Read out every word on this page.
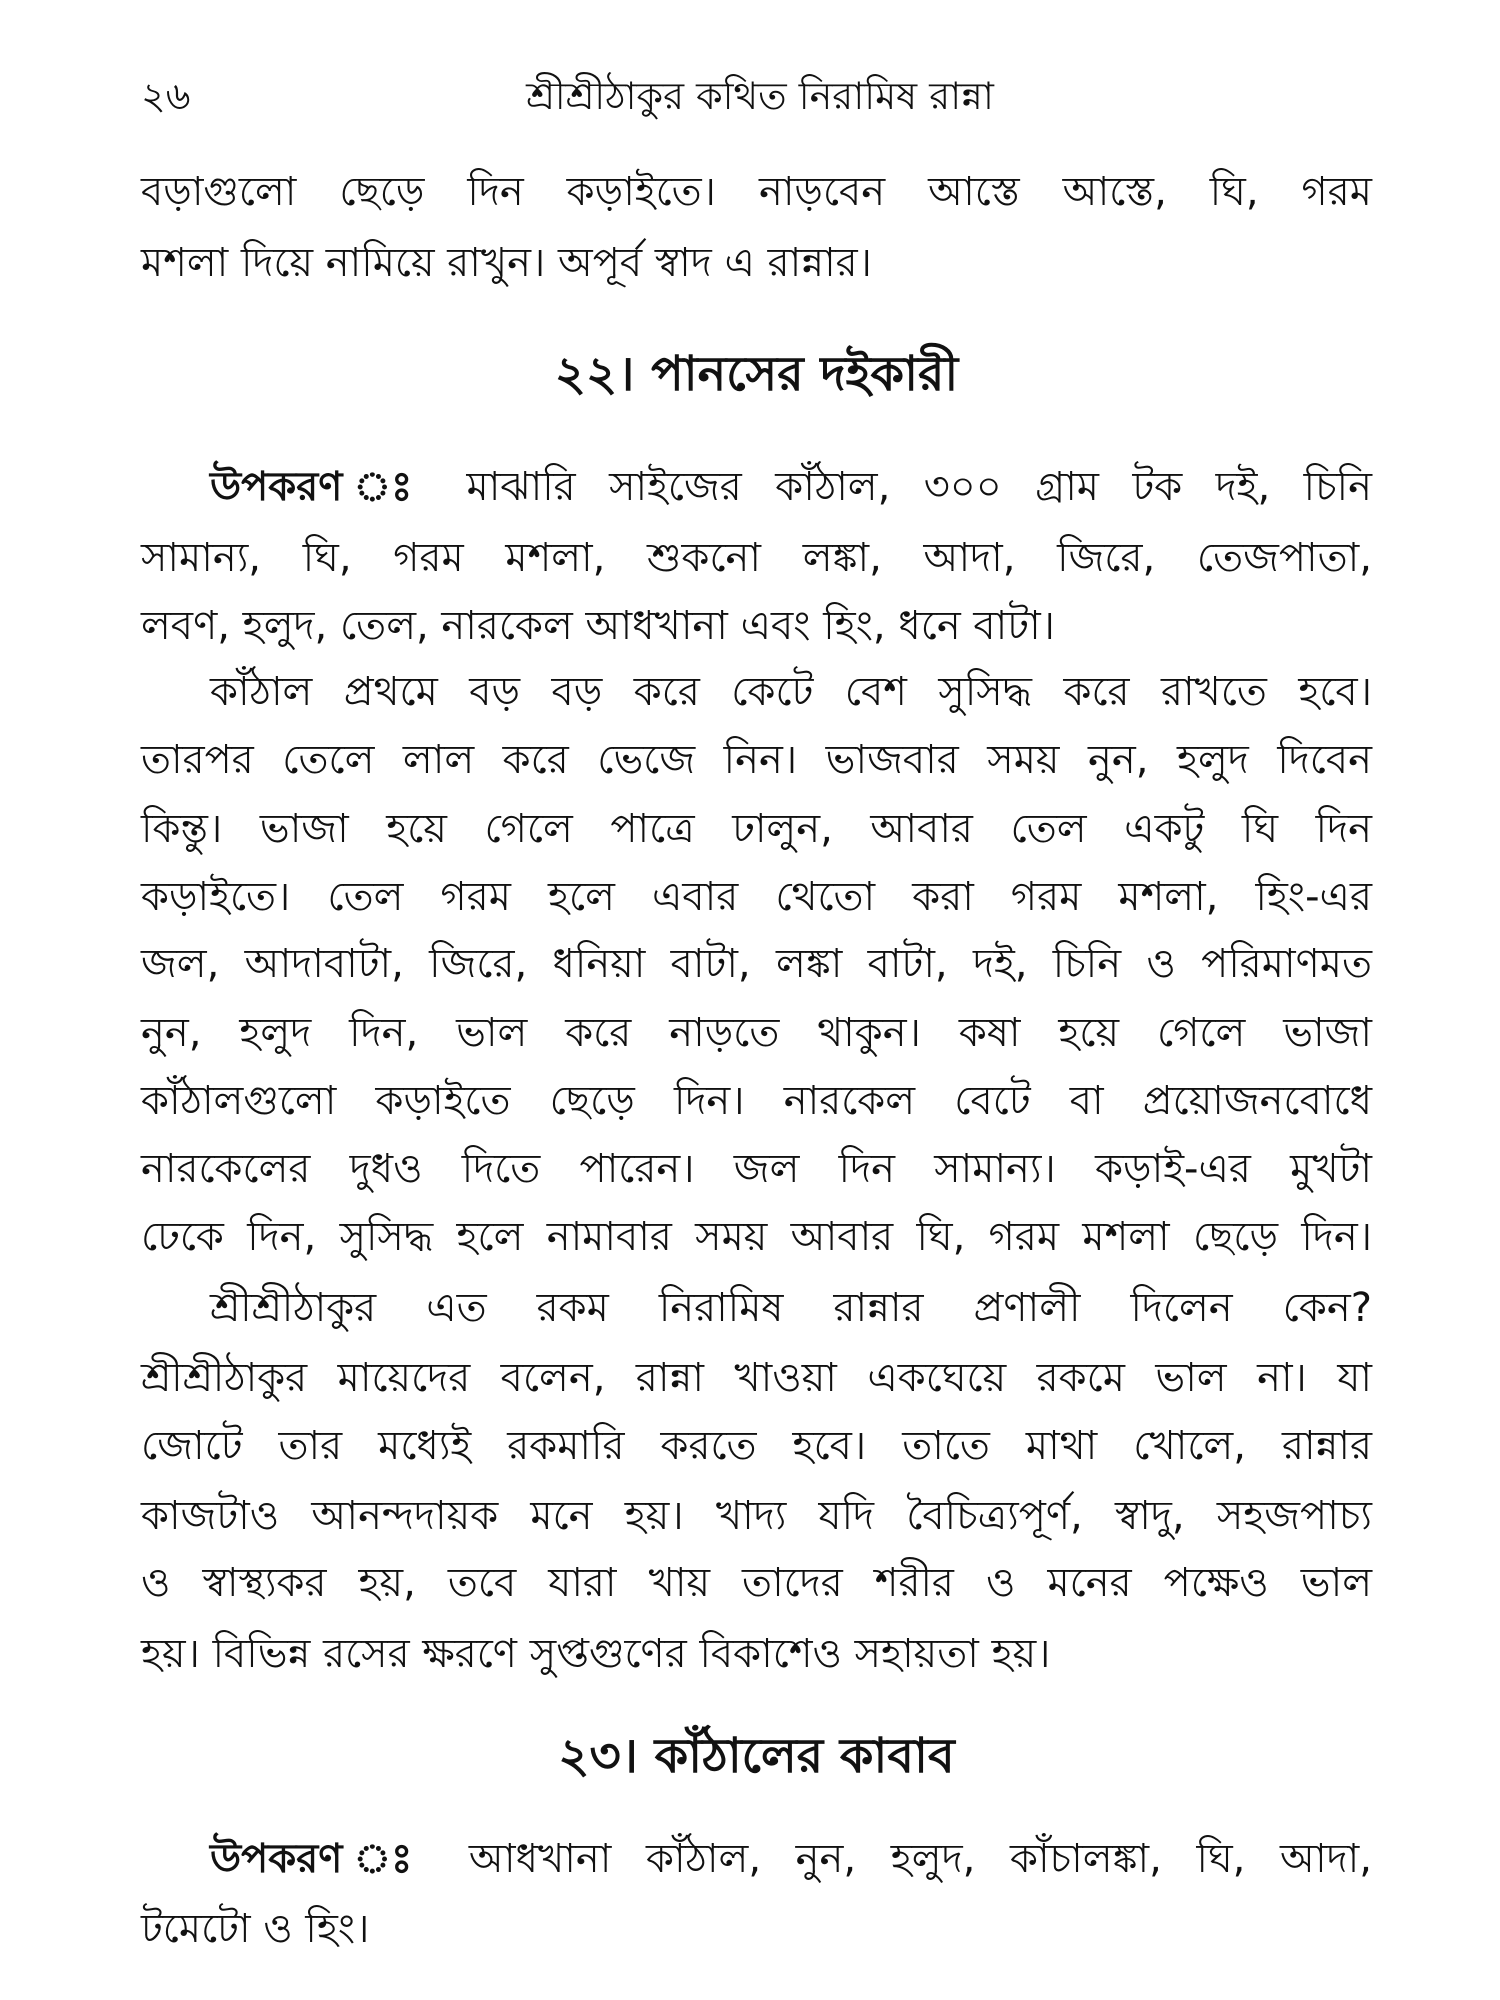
২৬	শ্রীশ্রীঠাকুর কথিত নিরামিষ রান্না
বড়াগুলো ছেড়ে দিন কড়াইতে। নাড়বেন আস্তে আস্তে, ঘি, গরম
মশলা দিয়ে নামিয়ে রাখুন। অপূর্ব স্বাদ এ রান্নার।
২২। পানসের দইকারী
উপকরণ ঃ মাঝারি সাইজের কাঁঠাল, ৩০০ গ্রাম টক দই, চিনি
সামান্য, ঘি, গরম মশলা, শুকনো লঙ্কা, আদা, জিরে, তেজপাতা,
লবণ, হলুদ, তেল, নারকেল আধখানা এবং হিং, ধনে বাটা।
কাঁঠাল প্রথমে বড় বড় করে কেটে বেশ সুসিদ্ধ করে রাখতে হবে।
তারপর তেলে লাল করে ভেজে নিন। ভাজবার সময় নুন, হলুদ দিবেন
কিন্তু। ভাজা হয়ে গেলে পাত্রে ঢালুন, আবার তেল একটু ঘি দিন
কড়াইতে। তেল গরম হলে এবার থেতো করা গরম মশলা, হিং-এর
জল, আদাবাটা, জিরে, ধনিয়া বাটা, লঙ্কা বাটা, দই, চিনি ও পরিমাণমত
নুন, হলুদ দিন, ভাল করে নাড়তে থাকুন। কষা হয়ে গেলে ভাজা
কাঁঠালগুলো কড়াইতে ছেড়ে দিন। নারকেল বেটে বা প্রয়োজনবোধে
নারকেলের দুধও দিতে পারেন। জল দিন সামান্য। কড়াই-এর মুখটা
ঢেকে দিন, সুসিদ্ধ হলে নামাবার সময় আবার ঘি, গরম মশলা ছেড়ে দিন।
শ্রীশ্রীঠাকুর এত রকম নিরামিষ রান্নার প্রণালী দিলেন কেন?
শ্রীশ্রীঠাকুর মায়েদের বলেন, রান্না খাওয়া একঘেয়ে রকমে ভাল না। যা
জোটে তার মধ্যেই রকমারি করতে হবে। তাতে মাথা খোলে, রান্নার
কাজটাও আনন্দদায়ক মনে হয়। খাদ্য যদি বৈচিত্র্যপূর্ণ, স্বাদু, সহজপাচ্য
ও স্বাস্থ্যকর হয়, তবে যারা খায় তাদের শরীর ও মনের পক্ষেও ভাল
হয়। বিভিন্ন রসের ক্ষরণে সুপ্তগুণের বিকাশেও সহায়তা হয়।
২৩। কাঁঠালের কাবাব
উপকরণ ঃ আধখানা কাঁঠাল, নুন, হলুদ, কাঁচালঙ্কা, ঘি, আদা,
টমেটো ও হিং।
